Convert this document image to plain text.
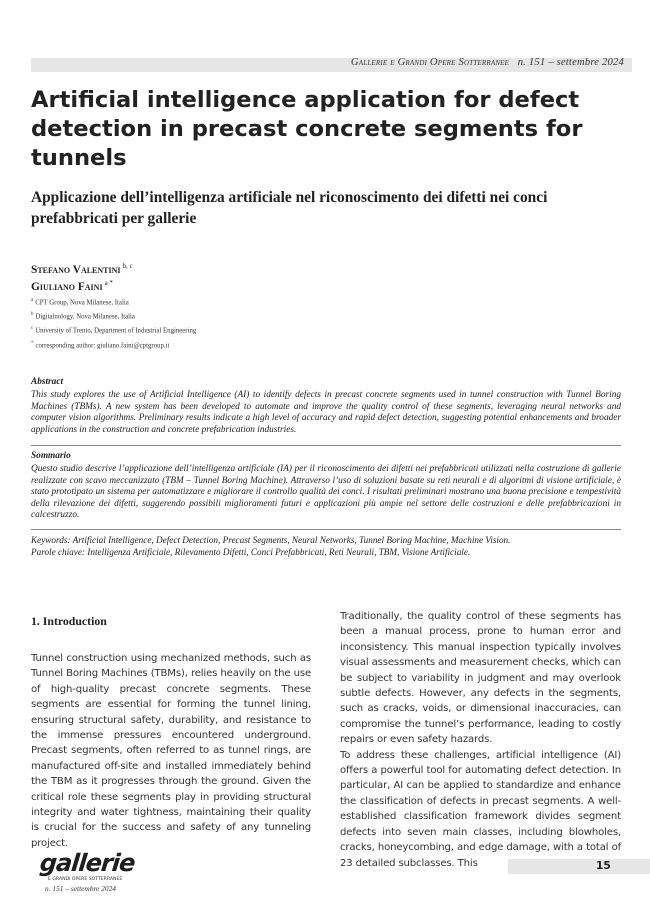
Gallerie e Grandi Opere Sotterranee n. 151 – settembre 2024
Artificial intelligence application for defect detection in precast concrete segments for tunnels
Applicazione dell’intelligenza artificiale nel riconoscimento dei difetti nei conci prefabbricati per gallerie
Stefano Valentini $^{b, c}$
Giuliano Faini $^{a *}$
$^a$ CPT Group, Nova Milanese, Italia
$^b$ Digitalnology, Nova Milanese, Italia
$^c$ University of Trento, Department of Industrial Engineering
* corresponding author: giuliano.faini@cptgroup.it
Abstract

This study explores the use of Artificial Intelligence (AI) to identify defects in precast concrete segments used in tunnel construction with Tunnel Boring Machines (TBMs). A new system has been developed to automate and improve the quality control of these segments, leveraging neural networks and computer vision algorithms. Preliminary results indicate a high level of accuracy and rapid defect detection, suggesting potential enhancements and broader applications in the construction and concrete prefabrication industries.

Sommario

Questo studio descrive l’applicazione dell’intelligenza artificiale (IA) per il riconoscimento dei difetti nei prefabbricati utilizzati nella costruzione di gallerie realizzate con scavo meccanizzato (TBM – Tunnel Boring Machine). Attraverso l’uso di soluzioni basate su reti neurali e di algoritmi di visione artificiale, è stato prototipato un sistema per automatizzare e migliorare il controllo qualità dei conci. I risultati preliminari mostrano una buona precisione e tempestività della rilevazione dei difetti, suggerendo possibili miglioramenti futuri e applicazioni più ampie nel settore delle costruzioni e delle prefabbricazioni in calcestruzzo.

Keywords: Artificial Intelligence, Defect Detection, Precast Segments, Neural Networks, Tunnel Boring Machine, Machine Vision.

Parole chiave: Intelligenza Artificiale, Rilevamento Difetti, Conci Prefabbricati, Reti Neurali, TBM, Visione Artificiale.

1. Introduction

Tunnel construction using mechanized methods, such as Tunnel Boring Machines (TBMs), relies heavily on the use of high-quality precast concrete segments. These segments are essential for forming the tunnel lining, ensuring structural safety, durability, and resistance to the immense pressures encountered underground. Precast segments, often referred to as tunnel rings, are manufactured off-site and installed immediately behind the TBM as it progresses through the ground. Given the critical role these segments play in providing structural integrity and water tightness, maintaining their quality is crucial for the success and safety of any tunneling project.

Traditionally, the quality control of these segments has been a manual process, prone to human error and inconsistency. This manual inspection typically involves visual assessments and measurement checks, which can be subject to variability in judgment and may overlook subtle defects. However, any defects in the segments, such as cracks, voids, or dimensional inaccuracies, can compromise the tunnel’s performance, leading to costly repairs or even safety hazards.

To address these challenges, artificial intelligence (AI) offers a powerful tool for automating defect detection. In particular, AI can be applied to standardize and enhance the classification of defects in precast segments. A well-established classification framework divides segment defects into seven main classes, including blowholes, cracks, honeycombing, and edge damage, with a total of 23 detailed subclasses. This

gallerie
E GRANDI OPERE SOTTERRANEE
n. 151 – settembre 2024
15
